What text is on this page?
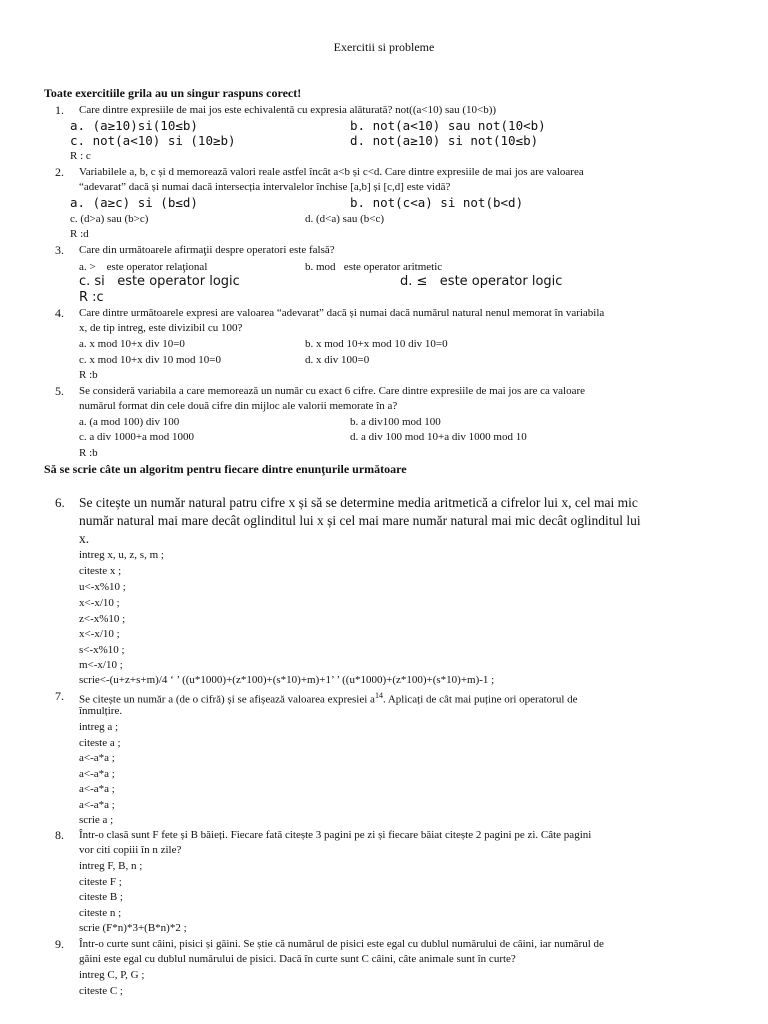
Exercitii si probleme
Toate exercitiile grila au un singur raspuns corect!
1. Care dintre expresiile de mai jos este echivalentă cu expresia alăturată? not((a<10) sau (10<b))
a. (a≥10)si(10≤b)	b. not(a<10) sau not(10<b)
c. not(a<10) si (10≥b)	d. not(a≥10) si not(10≤b)
R : c
2. Variabilele a, b, c și d memorează valori reale astfel încât a<b și c<d. Care dintre expresiile de mai jos are valoarea
“adevarat” dacă și numai dacă intersecția intervalelor închise [a,b] și [c,d] este vidă?
a. (a≥c) si (b≤d)	b. not(c<a) si not(b<d)
c. (d>a) sau (b>c)	d. (d<a) sau (b<c)
R :d
3. Care din următoarele afirmaţii despre operatori este falsă?
a. >    este operator relaţional	b. mod   este operator aritmetic
c. si   este operator logic	d. ≤   este operator logic
R :c
4. Care dintre următoarele expresi are valoarea “adevarat” dacă și numai dacă numărul natural nenul memorat în variabila
x, de tip intreg, este divizibil cu 100?
a. x mod 10+x div 10=0	b. x mod 10+x mod 10 div 10=0
c. x mod 10+x div 10 mod 10=0	d. x div 100=0
R :b
5. Se consideră variabila a care memorează un număr cu exact 6 cifre. Care dintre expresiile de mai jos are ca valoare
numărul format din cele două cifre din mijloc ale valorii memorate în a?
a. (a mod 100) div 100	b. a div100 mod 100
c. a div 1000+a mod 1000	d. a div 100 mod 10+a div 1000 mod 10
R :b
Să se scrie câte un algoritm pentru fiecare dintre enunţurile următoare
6. Se citește un număr natural patru cifre x și să se determine media aritmetică a cifrelor lui x, cel mai mic
număr natural mai mare decât oglinditul lui x și cel mai mare număr natural mai mic decât oglinditul lui
x.
intreg x, u, z, s, m ;
citeste x ;
u<-x%10 ;
x<-x/10 ;
z<-x%10 ;
x<-x/10 ;
s<-x%10 ;
m<-x/10 ;
scrie<-(u+z+s+m)/4 ‘ ’ ((u*1000)+(z*100)+(s*10)+m)+1’ ’ ((u*1000)+(z*100)+(s*10)+m)-1 ;
7. Se citește un număr a (de o cifră) și se afișează valoarea expresiei $a^{14}$. Aplicați de cât mai puține ori operatorul de
înmulțire.
intreg a ;
citeste a ;
a<-a*a ;
a<-a*a ;
a<-a*a ;
a<-a*a ;
scrie a ;
8. Într-o clasă sunt F fete și B băieți. Fiecare fată citește 3 pagini pe zi și fiecare băiat citește 2 pagini pe zi. Câte pagini
vor citi copiii în n zile?
intreg F, B, n ;
citeste F ;
citeste B ;
citeste n ;
scrie (F*n)*3+(B*n)*2 ;
9. Într-o curte sunt câini, pisici și găini. Se știe că numărul de pisici este egal cu dublul numărului de câini, iar numărul de
găini este egal cu dublul numărului de pisici. Dacă în curte sunt C câini, câte animale sunt în curte?
intreg C, P, G ;
citeste C ;
